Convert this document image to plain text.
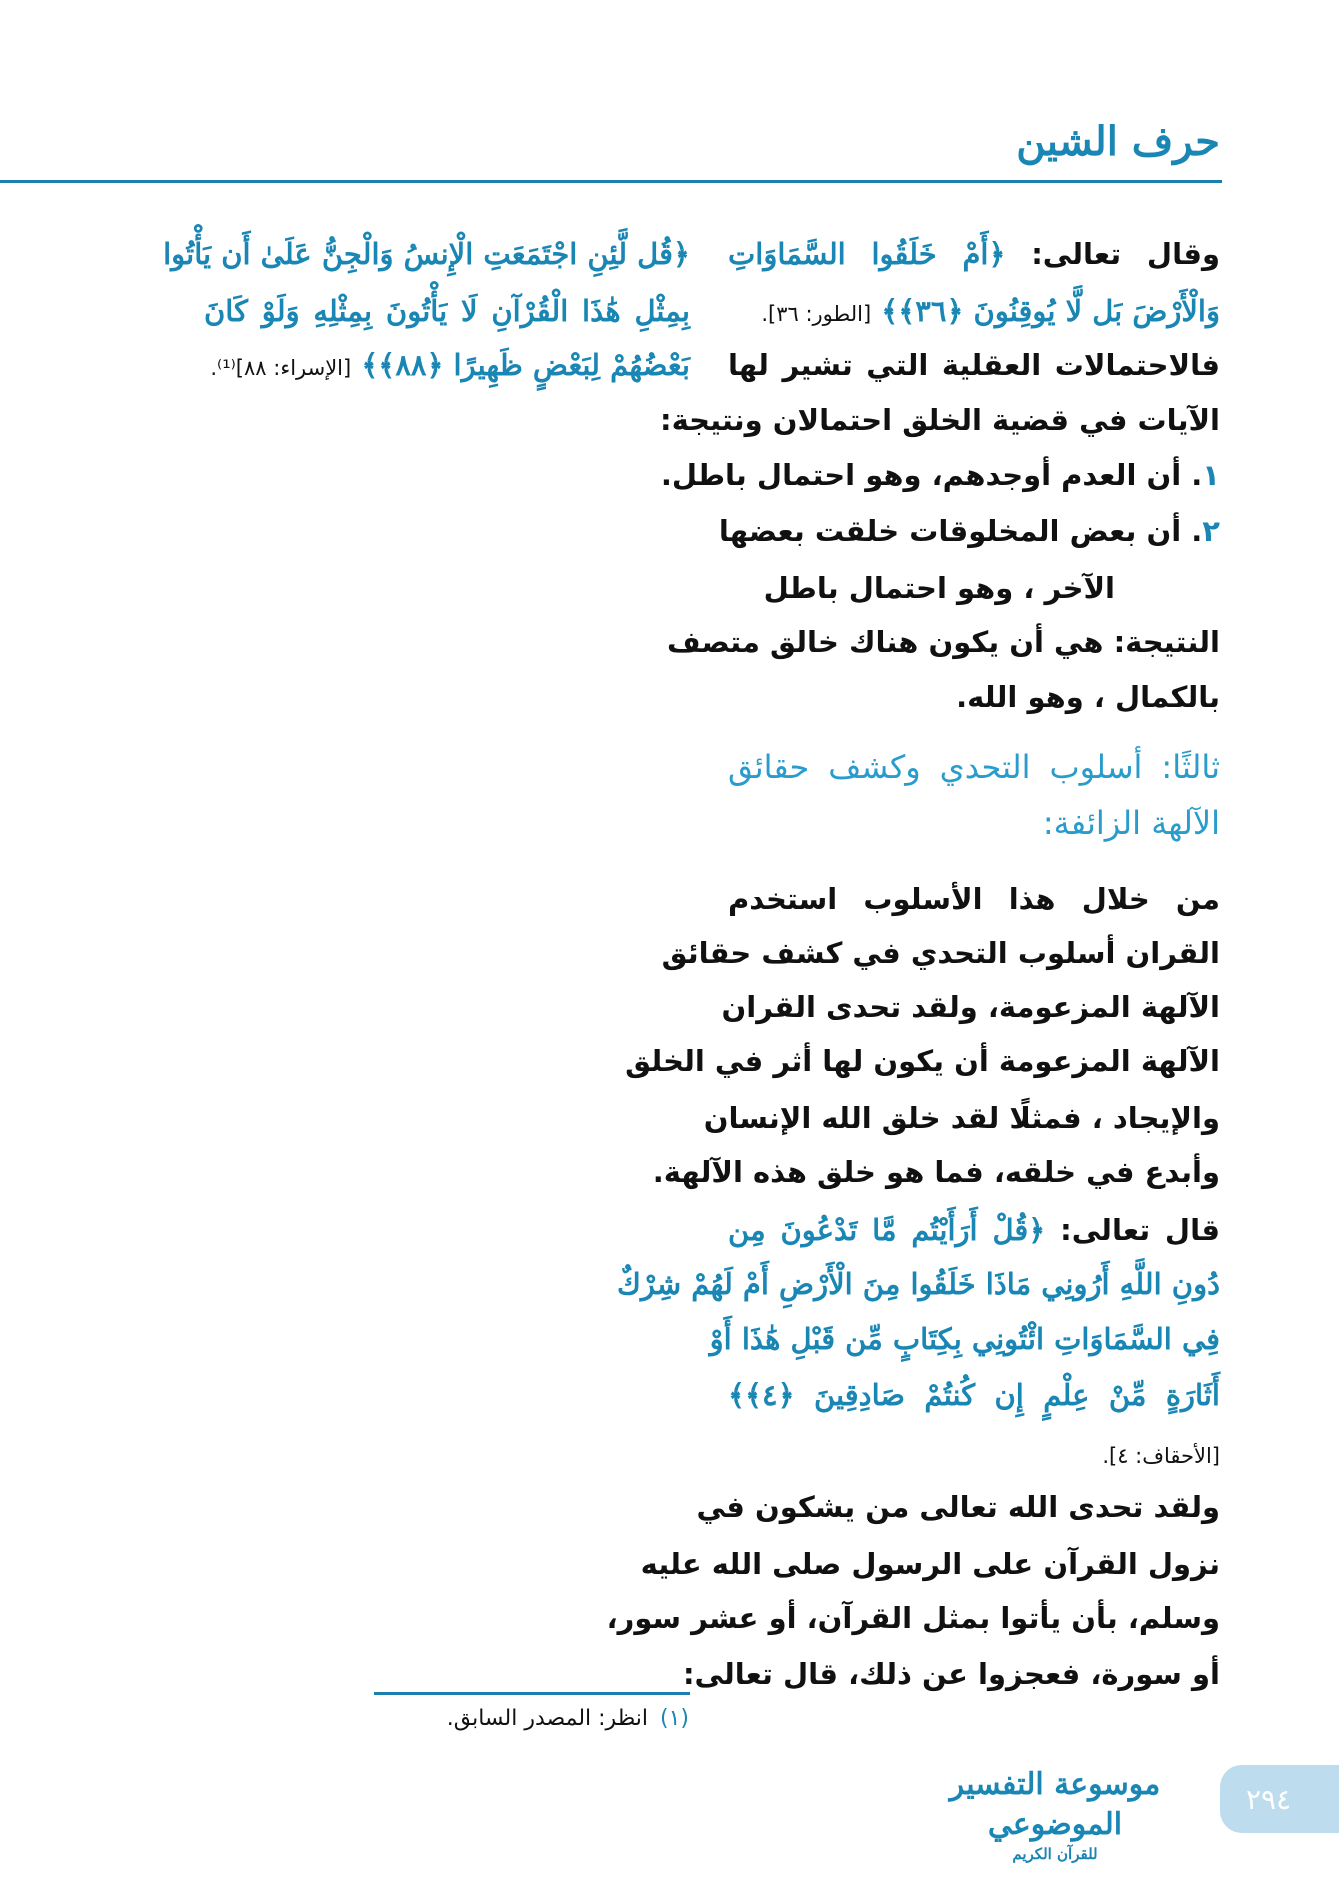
حرف الشين
وقال تعالى: ﴿أَمْ خَلَقُوا السَّمَاوَاتِ
وَالْأَرْضَ بَل لَّا يُوقِنُونَ ﴿٣٦﴾﴾ [الطور: ٣٦].
فالاحتمالات العقلية التي تشير لها
الآيات في قضية الخلق احتمالان ونتيجة:
١. أن العدم أوجدهم، وهو احتمال باطل.
٢. أن بعض المخلوقات خلقت بعضها
الآخر ، وهو احتمال باطل
النتيجة: هي أن يكون هناك خالق متصف
بالكمال ، وهو الله.
ثالثًا: أسلوب التحدي وكشف حقائق
الآلهة الزائفة:
من خلال هذا الأسلوب استخدم
القران أسلوب التحدي في كشف حقائق
الآلهة المزعومة، ولقد تحدى القران
الآلهة المزعومة أن يكون لها أثر في الخلق
والإيجاد ، فمثلًا لقد خلق الله الإنسان
وأبدع في خلقه، فما هو خلق هذه الآلهة.
قال تعالى: ﴿قُلْ أَرَأَيْتُم مَّا تَدْعُونَ مِن
دُونِ اللَّهِ أَرُونِي مَاذَا خَلَقُوا مِنَ الْأَرْضِ أَمْ لَهُمْ شِرْكٌ
فِي السَّمَاوَاتِ ائْتُونِي بِكِتَابٍ مِّن قَبْلِ هَٰذَا أَوْ
أَثَارَةٍ مِّنْ عِلْمٍ إِن كُنتُمْ صَادِقِينَ ﴿٤﴾﴾
[الأحقاف: ٤].
ولقد تحدى الله تعالى من يشكون في
نزول القرآن على الرسول صلى الله عليه
وسلم، بأن يأتوا بمثل القرآن، أو عشر سور،
أو سورة، فعجزوا عن ذلك، قال تعالى:
﴿قُل لَّئِنِ اجْتَمَعَتِ الْإِنسُ وَالْجِنُّ عَلَىٰ أَن يَأْتُوا
بِمِثْلِ هَٰذَا الْقُرْآنِ لَا يَأْتُونَ بِمِثْلِهِ وَلَوْ كَانَ
بَعْضُهُمْ لِبَعْضٍ ظَهِيرًا ﴿٨٨﴾﴾ [الإسراء: ٨٨]⁽¹⁾.
(١)انظر: المصدر السابق.
موسوعة التفسير الموضوعي
للقرآن الكريم
٢٩٤
